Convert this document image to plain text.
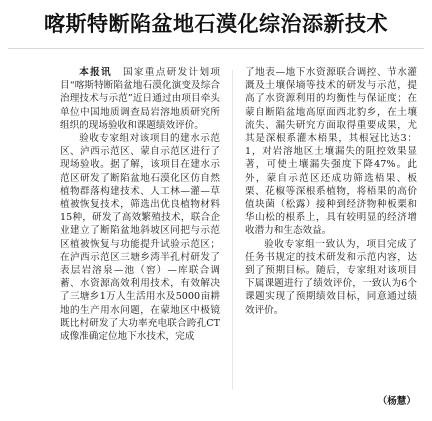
喀斯特断陷盆地石漠化综治添新技术

本报讯　 国家重点研发计划项目“喀斯特断陷盆地石漠化演变及综合治理技术与示范”近日通过由项目牵头单位中国地质调查局岩溶地质研究所组织的现场验收和课题绩效评价。

验收专家组对该项目的建水示范区、泸西示范区、蒙自示范区进行了现场验收。据了解，该项目在建水示范区研发了断陷盆地石漠化区仿自然植物群落构建技术、人工林—灌—草植被恢复技术，筛选出优良植物材料15种，研发了高效繁殖技术，联合企业建立了断陷盆地斜坡区同把与示范区植被恢复与功能提升试验示范区；在泸西示范区三塘乡湾半孔村研发了表层岩溶泉—池（窖）—库联合调蓄、水资源高效利用技术，有效解决了三塘乡1万人生活用水及5000亩耕地的生产用水问题，在蒙地区中极镜既比村研发了大功率充电联合跨孔CT成像准确定位地下水技术，完成

了地表—地下水资源联合调控、节水灌溉及土壤保墒等技术的研发与示范，提高了水资源利用的均衡性与保证度；在蒙自断陷盆地高原面西北豹乡，在土壤流失、漏失研究方面取得重要成果，尤其是深根系灌木梧果，其根冠比达3：1，对岩溶地区土壤漏失的阻控效果显著，可使土壤漏失强度下降47%。此外，蒙自示范区还成功筛选梧果、板栗、花椒等深根系植物，将梧果的高价值块菌（松露）接种到经济物种板栗和华山松的根系上，具有较明显的经济增收潜力和生态效益。

验收专家组一致认为，项目完成了任务书规定的技术研发和示范内容，达到了预期目标。随后，专家组对该项目下属课题进行了绩效评价，一致认为6个课题实现了预期绩效目标，同意通过绩效评价。

（杨慧）
